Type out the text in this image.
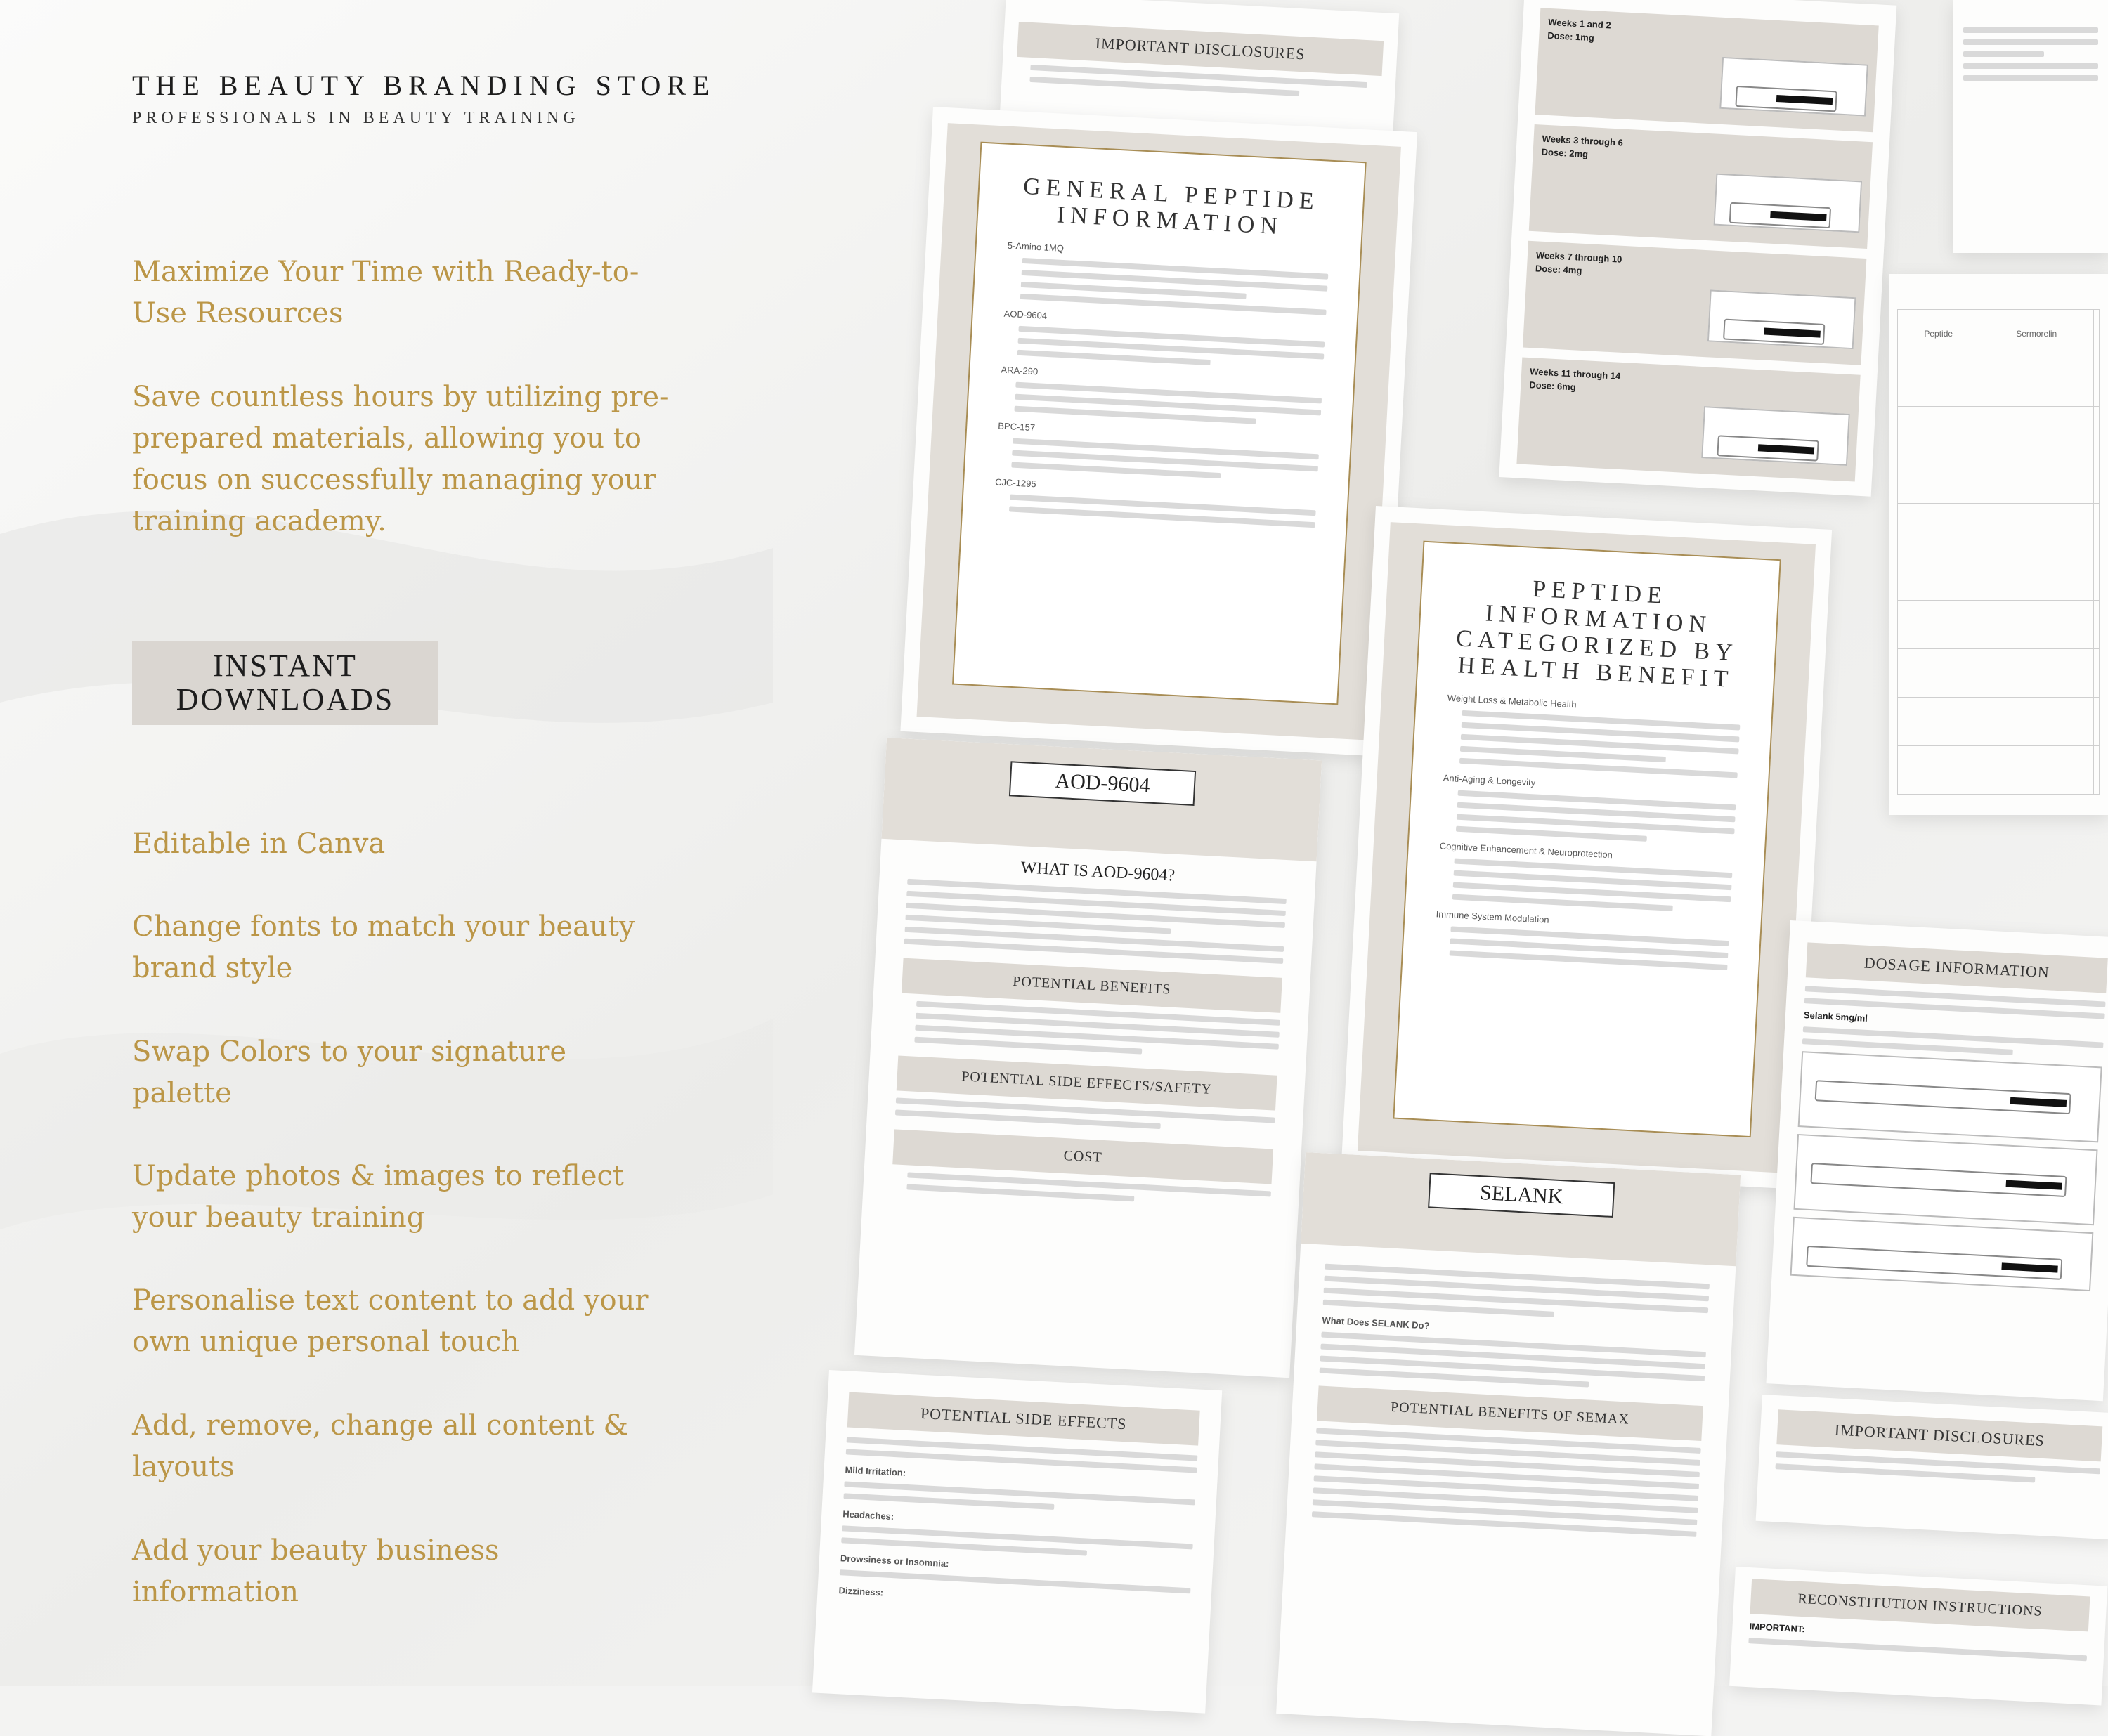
THE BEAUTY BRANDING STORE
PROFESSIONALS IN BEAUTY TRAINING
Maximize Your Time with Ready-to-
Use Resources
Save countless hours by utilizing pre-
prepared materials, allowing you to
focus on successfully managing your
training academy.
INSTANT
DOWNLOADS
Editable in Canva
Change fonts to match your beauty
brand style
Swap Colors to your signature
palette
Update photos & images to reflect
your beauty training
Personalise text content to add your
own unique personal touch
Add, remove, change all content &
layouts
Add your beauty business
information
IMPORTANT DISCLOSURES
GENERAL PEPTIDE INFORMATION
5-Amino 1MQ
AOD-9604
ARA-290
BPC-157
CJC-1295
Weeks 1 and 2
Dose: 1mg
Weeks 3 through 6
Dose: 2mg
Weeks 7 through 10
Dose: 4mg
Weeks 11 through 14
Dose: 6mg
AOD-9604
WHAT IS AOD-9604?
POTENTIAL BENEFITS
POTENTIAL SIDE EFFECTS/SAFETY
COST
PEPTIDE INFORMATION CATEGORIZED BY HEALTH BENEFIT
Weight Loss & Metabolic Health
Anti-Aging & Longevity
Cognitive Enhancement & Neuroprotection
Immune System Modulation
Peptide	Sermorelin	

SELANK
What Does SELANK Do?
POTENTIAL BENEFITS OF SEMAX
POTENTIAL SIDE EFFECTS
Mild Irritation:
Headaches:
Drowsiness or Insomnia:
Dizziness:
DOSAGE INFORMATION
Selank 5mg/ml
IMPORTANT DISCLOSURES
RECONSTITUTION INSTRUCTIONS
IMPORTANT:
